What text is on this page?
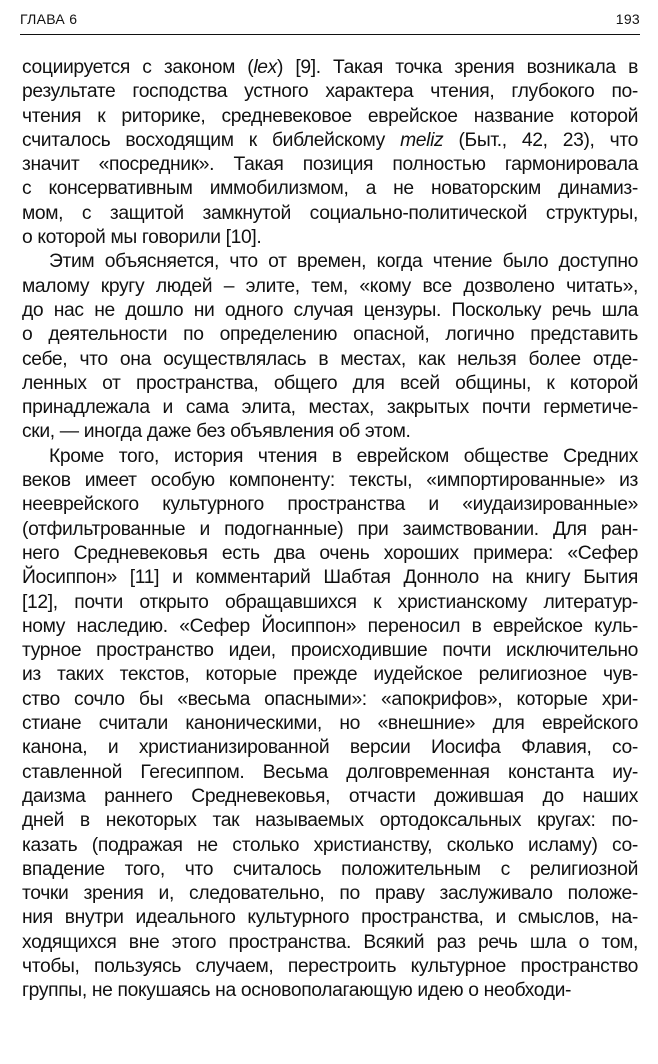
ГЛАВА 6	193
социируется с законом (lex) [9]. Такая точка зрения возникала в
результате господства устного характера чтения, глубокого по-
чтения к риторике, средневековое еврейское название которой
считалось восходящим к библейскому meliz (Быт., 42, 23), что
значит «посредник». Такая позиция полностью гармонировала
с консервативным иммобилизмом, а не новаторским динамиз-
мом, с защитой замкнутой социально-политической структуры,
о которой мы говорили [10].
Этим объясняется, что от времен, когда чтение было доступно
малому кругу людей – элите, тем, «кому все дозволено читать»,
до нас не дошло ни одного случая цензуры. Поскольку речь шла
о деятельности по определению опасной, логично представить
себе, что она осуществлялась в местах, как нельзя более отде-
ленных от пространства, общего для всей общины, к которой
принадлежала и сама элита, местах, закрытых почти герметиче-
ски, — иногда даже без объявления об этом.
Кроме того, история чтения в еврейском обществе Средних
веков имеет особую компоненту: тексты, «импортированные» из
нееврейского культурного пространства и «иудаизированные»
(отфильтрованные и подогнанные) при заимствовании. Для ран-
него Средневековья есть два очень хороших примера: «Сефер
Йосиппон» [11] и комментарий Шабтая Донноло на книгу Бытия
[12], почти открыто обращавшихся к христианскому литератур-
ному наследию. «Сефер Йосиппон» переносил в еврейское куль-
турное пространство идеи, происходившие почти исключительно
из таких текстов, которые прежде иудейское религиозное чув-
ство сочло бы «весьма опасными»: «апокрифов», которые хри-
стиане считали каноническими, но «внешние» для еврейского
канона, и христианизированной версии Иосифа Флавия, со-
ставленной Гегесиппом. Весьма долговременная константа иу-
даизма раннего Средневековья, отчасти дожившая до наших
дней в некоторых так называемых ортодоксальных кругах: по-
казать (подражая не столько христианству, сколько исламу) со-
впадение того, что считалось положительным с религиозной
точки зрения и, следовательно, по праву заслуживало положе-
ния внутри идеального культурного пространства, и смыслов, на-
ходящихся вне этого пространства. Всякий раз речь шла о том,
чтобы, пользуясь случаем, перестроить культурное пространство
группы, не покушаясь на основополагающую идею о необходи-
